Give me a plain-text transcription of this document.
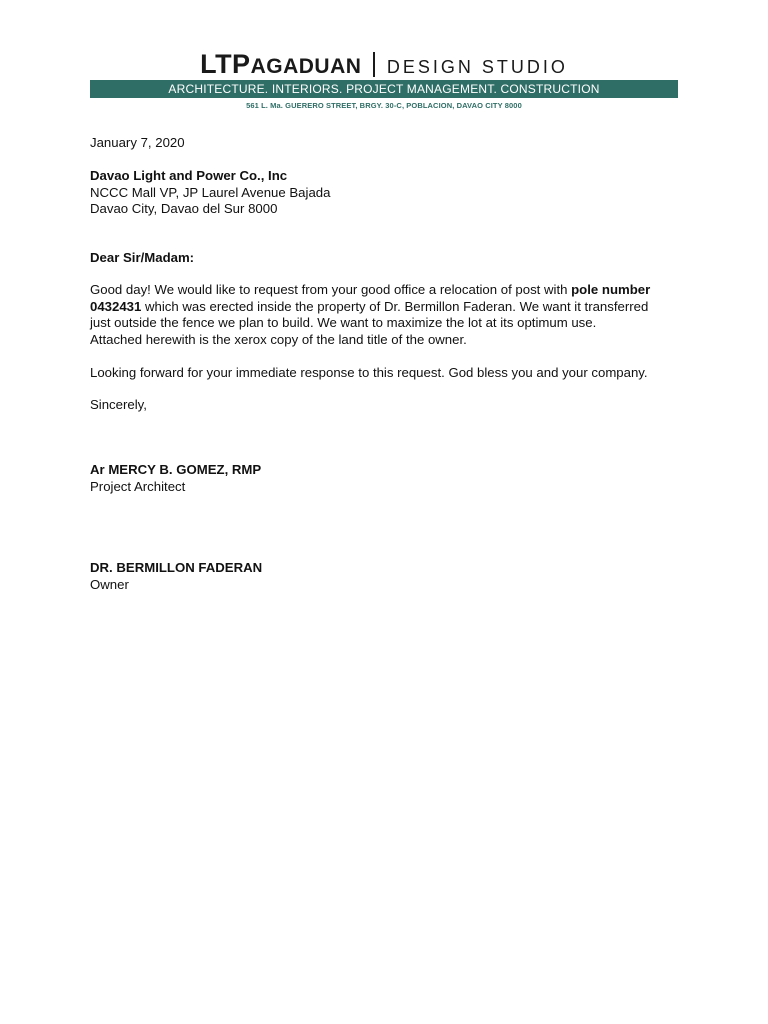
LTPAGADUAN DESIGN STUDIO
ARCHITECTURE. INTERIORS. PROJECT MANAGEMENT. CONSTRUCTION
561 L. Ma. GUERERO STREET, BRGY. 30-C, POBLACION, DAVAO CITY 8000

January 7, 2020

Davao Light and Power Co., Inc

NCCC Mall VP, JP Laurel Avenue Bajada

Davao City, Davao del Sur 8000

Dear Sir/Madam:

Good day! We would like to request from your good office a relocation of post with pole number

0432431 which was erected inside the property of Dr. Bermillon Faderan. We want it transferred

just outside the fence we plan to build. We want to maximize the lot at its optimum use.

Attached herewith is the xerox copy of the land title of the owner.

Looking forward for your immediate response to this request. God bless you and your company.

Sincerely,

Ar MERCY B. GOMEZ, RMP

Project Architect

DR. BERMILLON FADERAN

Owner
